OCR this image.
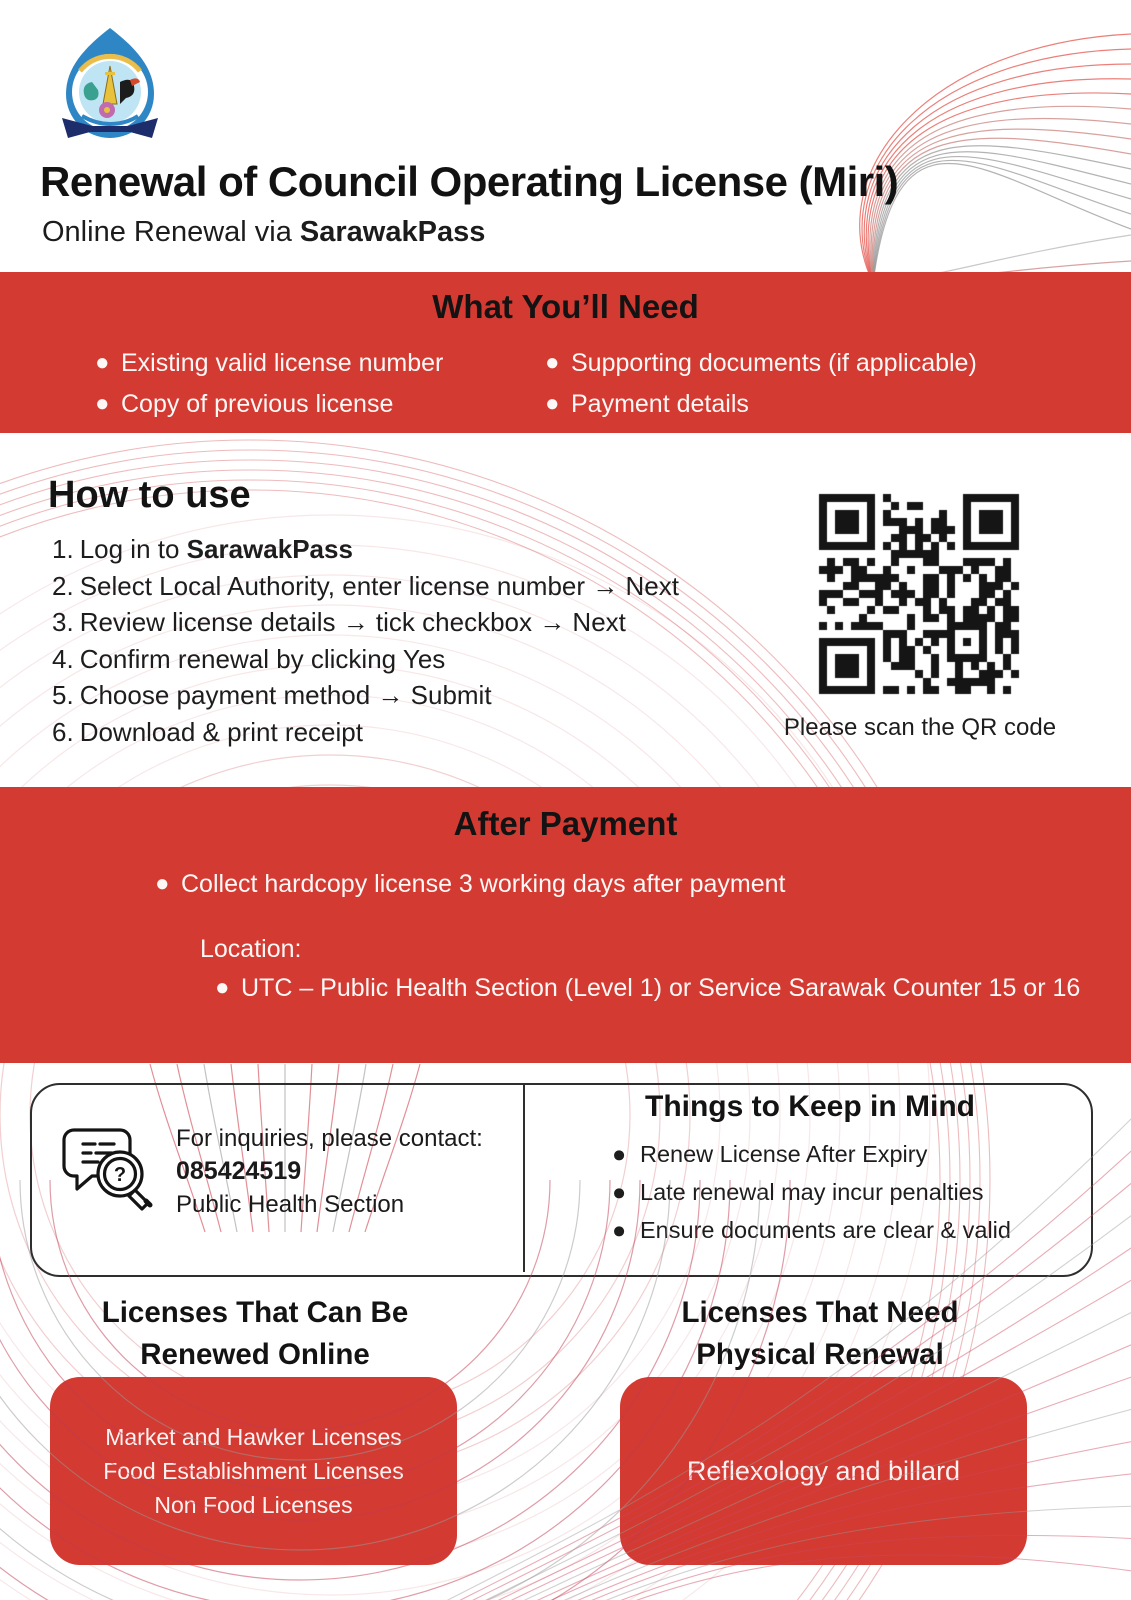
Renewal of Council Operating License (Miri)
Online Renewal via SarawakPass
What You’ll Need
● Existing valid license number
● Copy of previous license
● Supporting documents (if applicable)
● Payment details
How to use
1. Log in to SarawakPass
2. Select Local Authority, enter license number → Next
3. Review license details → tick checkbox → Next
4. Confirm renewal by clicking Yes
5. Choose payment method → Submit
6. Download & print receipt	Please scan the QR code
After Payment
● Collect hardcopy license 3 working days after payment
Location:
● UTC – Public Health Section (Level 1) or Service Sarawak Counter 15 or 16
?
For inquiries, please contact:
085424519
Public Health Section
Things to Keep in Mind
● Renew License After Expiry
● Late renewal may incur penalties
● Ensure documents are clear & valid
Licenses That Can Be
Renewed Online
Licenses That Need
Physical Renewal
Market and Hawker Licenses
Food Establishment Licenses
Non Food Licenses
Reflexology and billard
